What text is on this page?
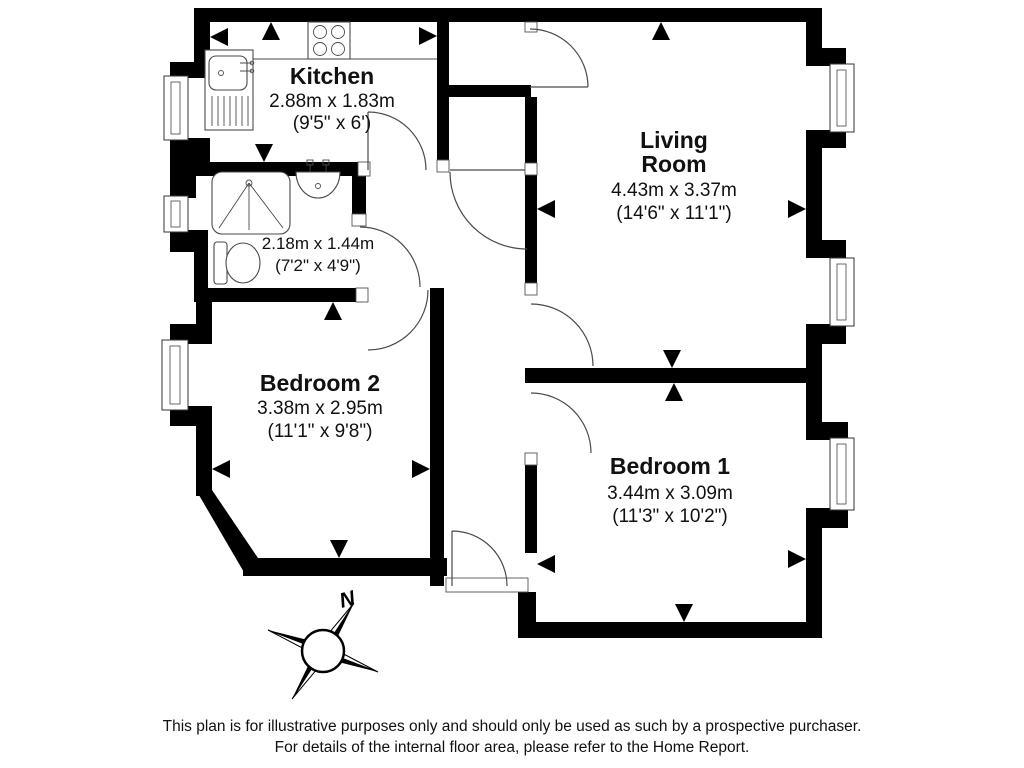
Kitchen
2.88m x 1.83m
(9'5" x 6')
Living
Room
4.43m x 3.37m
(14'6" x 11'1")
2.18m x 1.44m
(7'2" x 4'9")
Bedroom 2
3.38m x 2.95m
(11'1" x 9'8")
Bedroom 1
3.44m x 3.09m
(11'3" x 10'2")
N
This plan is for illustrative purposes only and should only be used as such by a prospective purchaser.
For details of the internal floor area, please refer to the Home Report.
